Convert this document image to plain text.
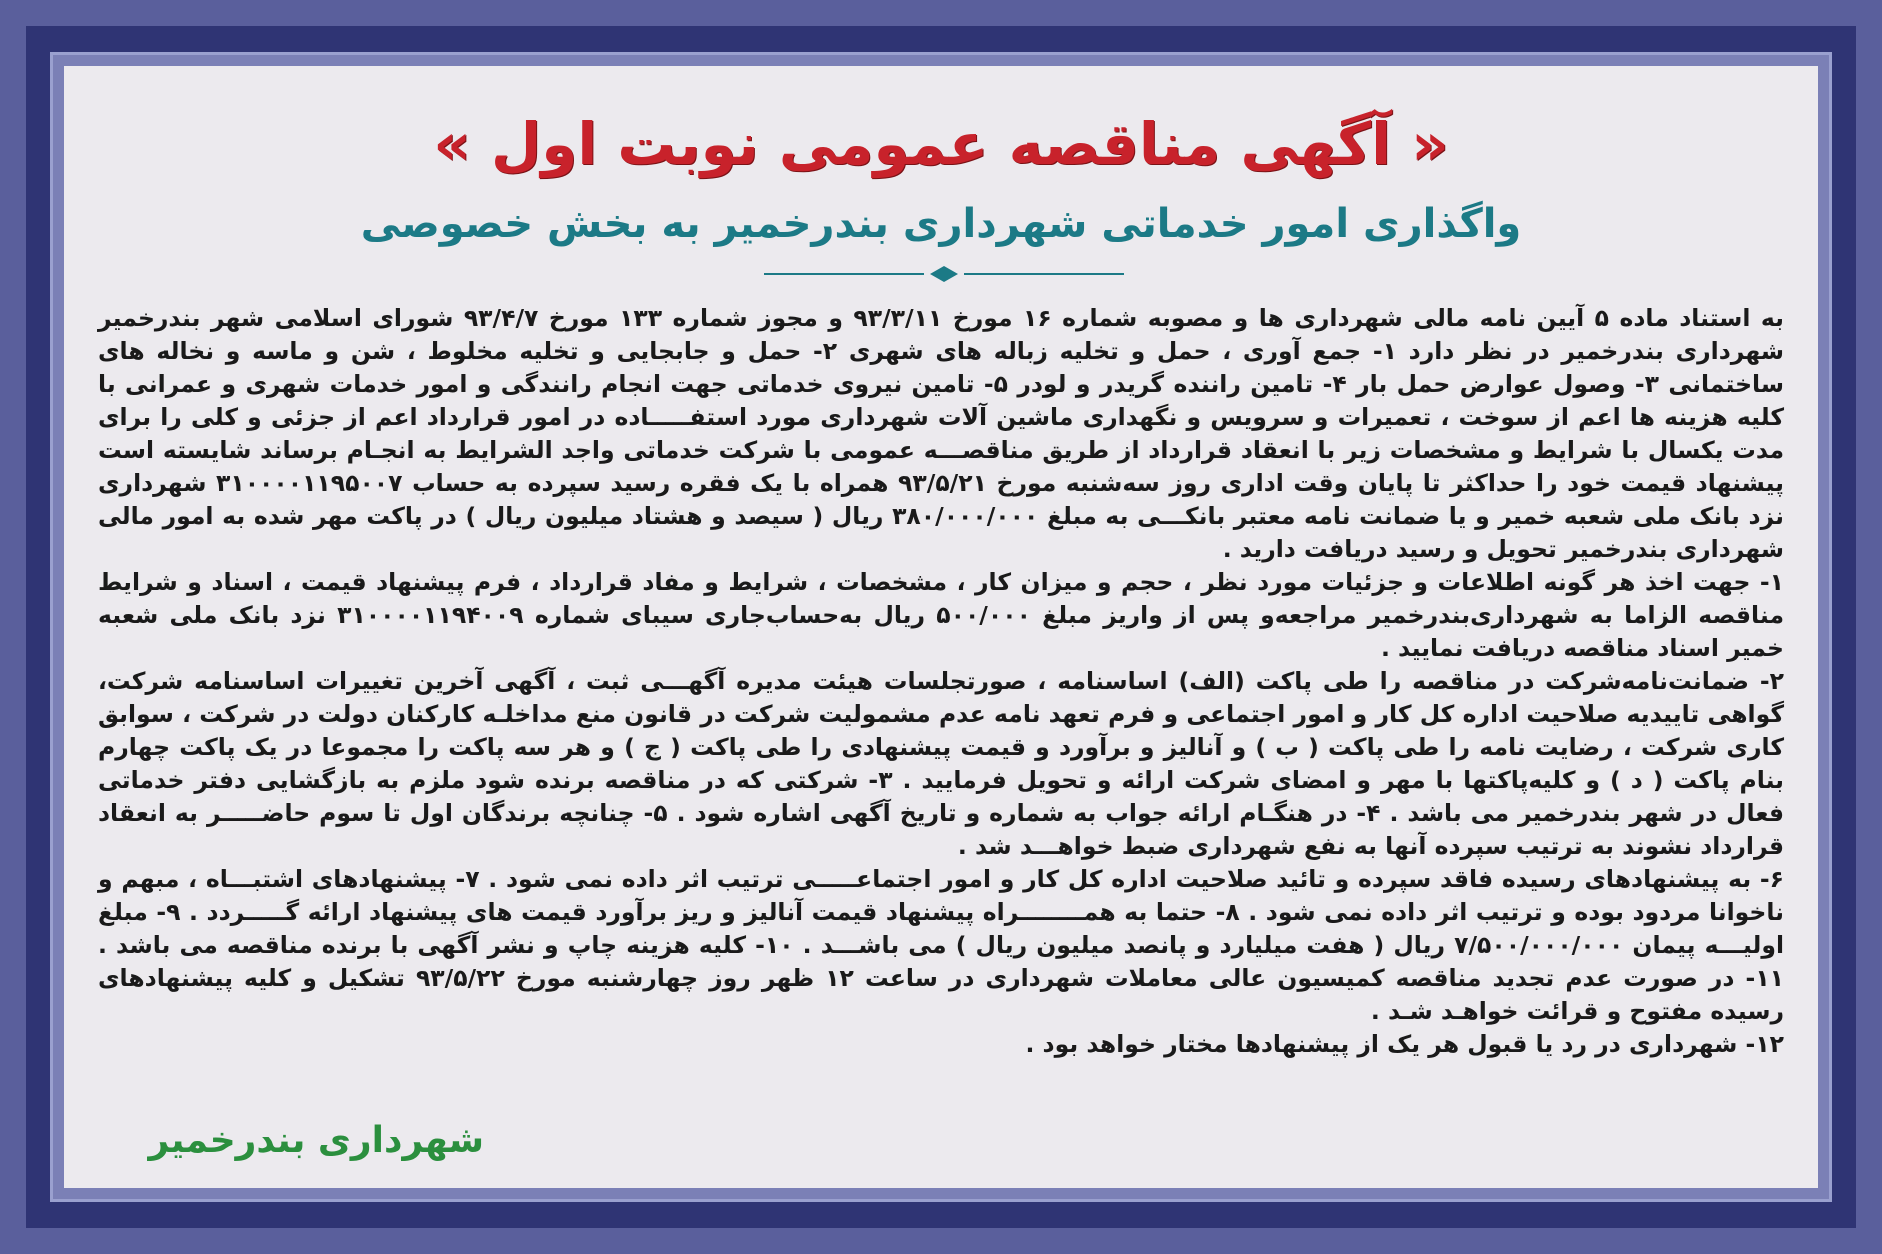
« آگهی مناقصه عمومی نوبت اول »
واگذاری امور خدماتی شهرداری بندرخمیر به بخش خصوصی

به استناد ماده ۵ آیین نامه مالی شهرداری ها و مصوبه شماره ۱۶ مورخ ۹۳/۳/۱۱ و مجوز شماره ۱۳۳ مورخ ۹۳/۴/۷ شورای اسلامی شهر بندرخمیر شهرداری بندرخمیر در نظر دارد ۱- جمع آوری ، حمل و تخلیه زباله های شهری ۲- حمل و جابجایی و تخلیه مخلوط ، شن و ماسه و نخاله های ساختمانی ۳- وصول عوارض حمل بار ۴- تامین راننده گریدر و لودر ۵- تامین نیروی خدماتی جهت انجام رانندگی و امور خدمات شهری و عمرانی با کلیه هزینه ها اعم از سوخت ، تعمیرات و سرویس و نگهداری ماشین آلات شهرداری مورد استفـــــاده در امور قرارداد اعم از جزئی و کلی را برای مدت یکسال با شرایط و مشخصات زیر با انعقاد قرارداد از طریق مناقصـــه عمومی با شرکت خدماتی واجد الشرایط به انجـام برساند شایسته است پیشنهاد قیمت خود را حداکثر تا پایان وقت اداری روز سه‌شنبه مورخ ۹۳/۵/۲۱ همراه با یک فقره رسید سپرده به حساب ۳۱۰۰۰۰۱۱۹۵۰۰۷ شهرداری نزد بانک ملی شعبه خمیر و یا ضمانت نامه معتبر بانکـــی به مبلغ ۳۸۰/۰۰۰/۰۰۰ ریال ( سیصد و هشتاد میلیون ریال ) در پاکت مهر شده به امور مالی شهرداری بندرخمیر تحویل و رسید دریافت دارید .

۱- جهت اخذ هر گونه اطلاعات و جزئیات مورد نظر ، حجم و میزان کار ، مشخصات ، شرایط و مفاد قرارداد ، فرم پیشنهاد قیمت ، اسناد و شرایط مناقصه الزاما به شهرداری‌بندرخمیر مراجعه‌و پس از واریز مبلغ ۵۰۰/۰۰۰ ریال به‌حساب‌جاری سیبای شماره ۳۱۰۰۰۰۱۱۹۴۰۰۹ نزد بانک ملی شعبه خمیر اسناد مناقصه دریافت نمایید .

۲- ضمانت‌نامه‌شرکت در مناقصه را طی پاکت (الف) اساسنامه ، صورتجلسات هیئت مدیره آگهـــی ثبت ، آگهی آخرین تغییرات اساسنامه شرکت، گواهی تاییدیه صلاحیت اداره کل کار و امور اجتماعی و فرم تعهد نامه عدم مشمولیت شرکت در قانون منع مداخلـه کارکنان دولت در شرکت ، سوابق کاری شرکت ، رضایت نامه را طی پاکت ( ب ) و آنالیز و برآورد و قیمت پیشنهادی را طی پاکت ( ج ) و هر سه پاکت را مجموعا در یک پاکت چهارم بنام پاکت ( د ) و کلیه‌پاکتها با مهر و امضای شرکت ارائه و تحویل فرمایید . ۳- شرکتی که در مناقصه برنده شود ملزم به بازگشایی دفتر خدماتی فعال در شهر بندرخمیر می باشد . ۴- در هنگـام ارائه جواب به شماره و تاریخ آگهی اشاره شود . ۵- چنانچه برندگان اول تا سوم حاضـــــر به انعقاد قرارداد نشوند به ترتیب سپرده آنها به نفع شهرداری ضبط خواهـــد شد .

۶- به پیشنهادهای رسیده فاقد سپرده و تائید صلاحیت اداره کل کار و امور اجتماعـــــی ترتیب اثر داده نمی شود . ۷- پیشنهادهای اشتبـــاه ، مبهم و ناخوانا مردود بوده و ترتیب اثر داده نمی شود . ۸- حتما به همــــــــراه پیشنهاد قیمت آنالیز و ریز برآورد قیمت های پیشنهاد ارائه گـــــردد . ۹- مبلغ اولیـــه پیمان ۷/۵۰۰/۰۰۰/۰۰۰ ریال ( هفت میلیارد و پانصد میلیون ریال ) می باشـــد . ۱۰- کلیه هزینه چاپ و نشر آگهی با برنده مناقصه می باشد . ۱۱- در صورت عدم تجدید مناقصه کمیسیون عالی معاملات شهرداری در ساعت ۱۲ ظهر روز چهارشنبه مورخ ۹۳/۵/۲۲ تشکیل و کلیه پیشنهادهای رسیده مفتوح و قرائت خواهـد شـد .

۱۲- شهرداری در رد یا قبول هر یک از پیشنهادها مختار خواهد بود .

شهرداری بندرخمیر
